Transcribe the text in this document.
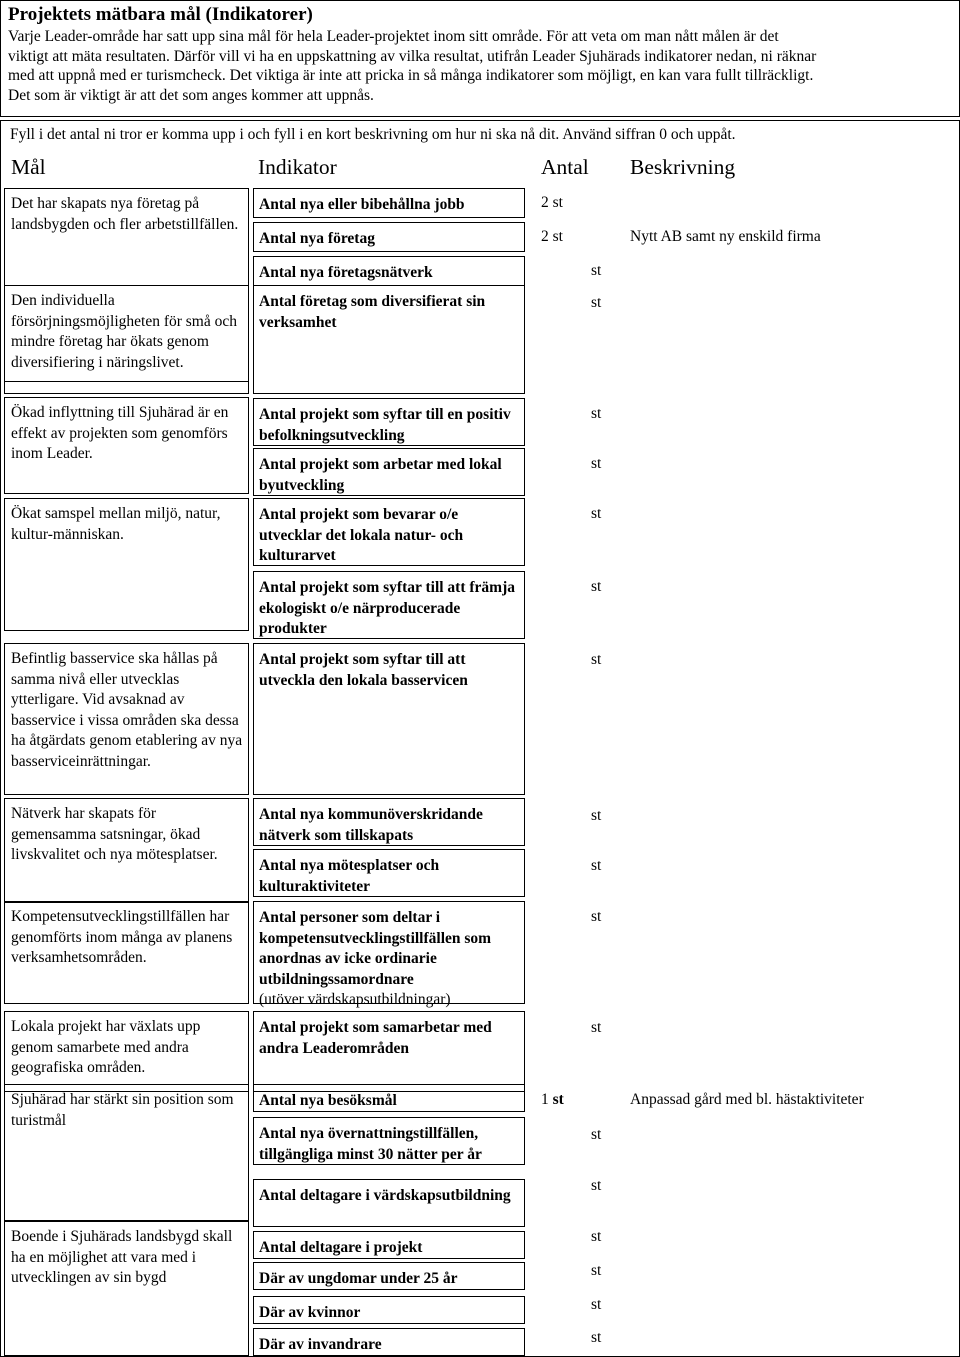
Projektets mätbara mål (Indikatorer)

Varje Leader-område har satt upp sina mål för hela Leader-projektet inom sitt område. För att veta om man nått målen är det

viktigt att mäta resultaten. Därför vill vi ha en uppskattning av vilka resultat, utifrån Leader Sjuhärads indikatorer nedan, ni räknar

med att uppnå med er turismcheck. Det viktiga är inte att pricka in så många indikatorer som möjligt, en kan vara fullt tillräckligt.

Det som är viktigt är att det som anges kommer att uppnås.

Fyll i det antal ni tror er komma upp i och fyll i en kort beskrivning om hur ni ska nå dit. Använd siffran 0 och uppåt.
Mål	Indikator	Antal Beskrivning
Det har skapats nya företag på landsbygden och fler arbetstillfällen.
Den individuella försörjningsmöjligheten för små och mindre företag har ökats genom diversifiering i näringslivet.
Ökad inflyttning till Sjuhärad är en effekt av projekten som genomförs inom Leader.
Ökat samspel mellan miljö, natur, kultur-människan.
Befintlig basservice ska hållas på samma nivå eller utvecklas ytterligare. Vid avsaknad av basservice i vissa områden ska dessa ha åtgärdats genom etablering av nya basserviceinrättningar.
Nätverk har skapats för gemensamma satsningar, ökad livskvalitet och nya mötesplatser.
Kompetensutvecklingstillfällen har genomförts inom många av planens verksamhetsområden.
Lokala projekt har växlats upp genom samarbete med andra geografiska områden.
Sjuhärad har stärkt sin position som turistmål
Boende i Sjuhärads landsbygd skall ha en möjlighet att vara med i utvecklingen av sin bygd
Antal nya eller bibehållna jobb
Antal nya företag
Antal nya företagsnätverk
Antal företag som diversifierat sin verksamhet
Antal projekt som syftar till en positiv befolkningsutveckling
Antal projekt som arbetar med lokal byutveckling
Antal projekt som bevarar o/e utvecklar det lokala natur- och kulturarvet
Antal projekt som syftar till att främja ekologiskt o/e närproducerade produkter
Antal projekt som syftar till att utveckla den lokala basservicen
Antal nya kommunöverskridande nätverk som tillskapats
Antal nya mötesplatser och kulturaktiviteter
Antal personer som deltar i kompetensutvecklingstillfällen som anordnas av icke ordinarie utbildningssamordnare
(utöver värdskapsutbildningar)
Antal projekt som samarbetar med andra Leaderområden
Antal nya besöksmål
Antal nya övernattningstillfällen, tillgängliga minst 30 nätter per år
Antal deltagare i värdskapsutbildning
Antal deltagare i projekt
Där av ungdomar under 25 år
Där av kvinnor
Där av invandrare
2 st
2 st
st
st
st
st
st
st
st
st
st
st
st
1 st
st
st
st
st
st
st
Nytt AB samt ny enskild firma
Anpassad gård med bl. hästaktiviteter
